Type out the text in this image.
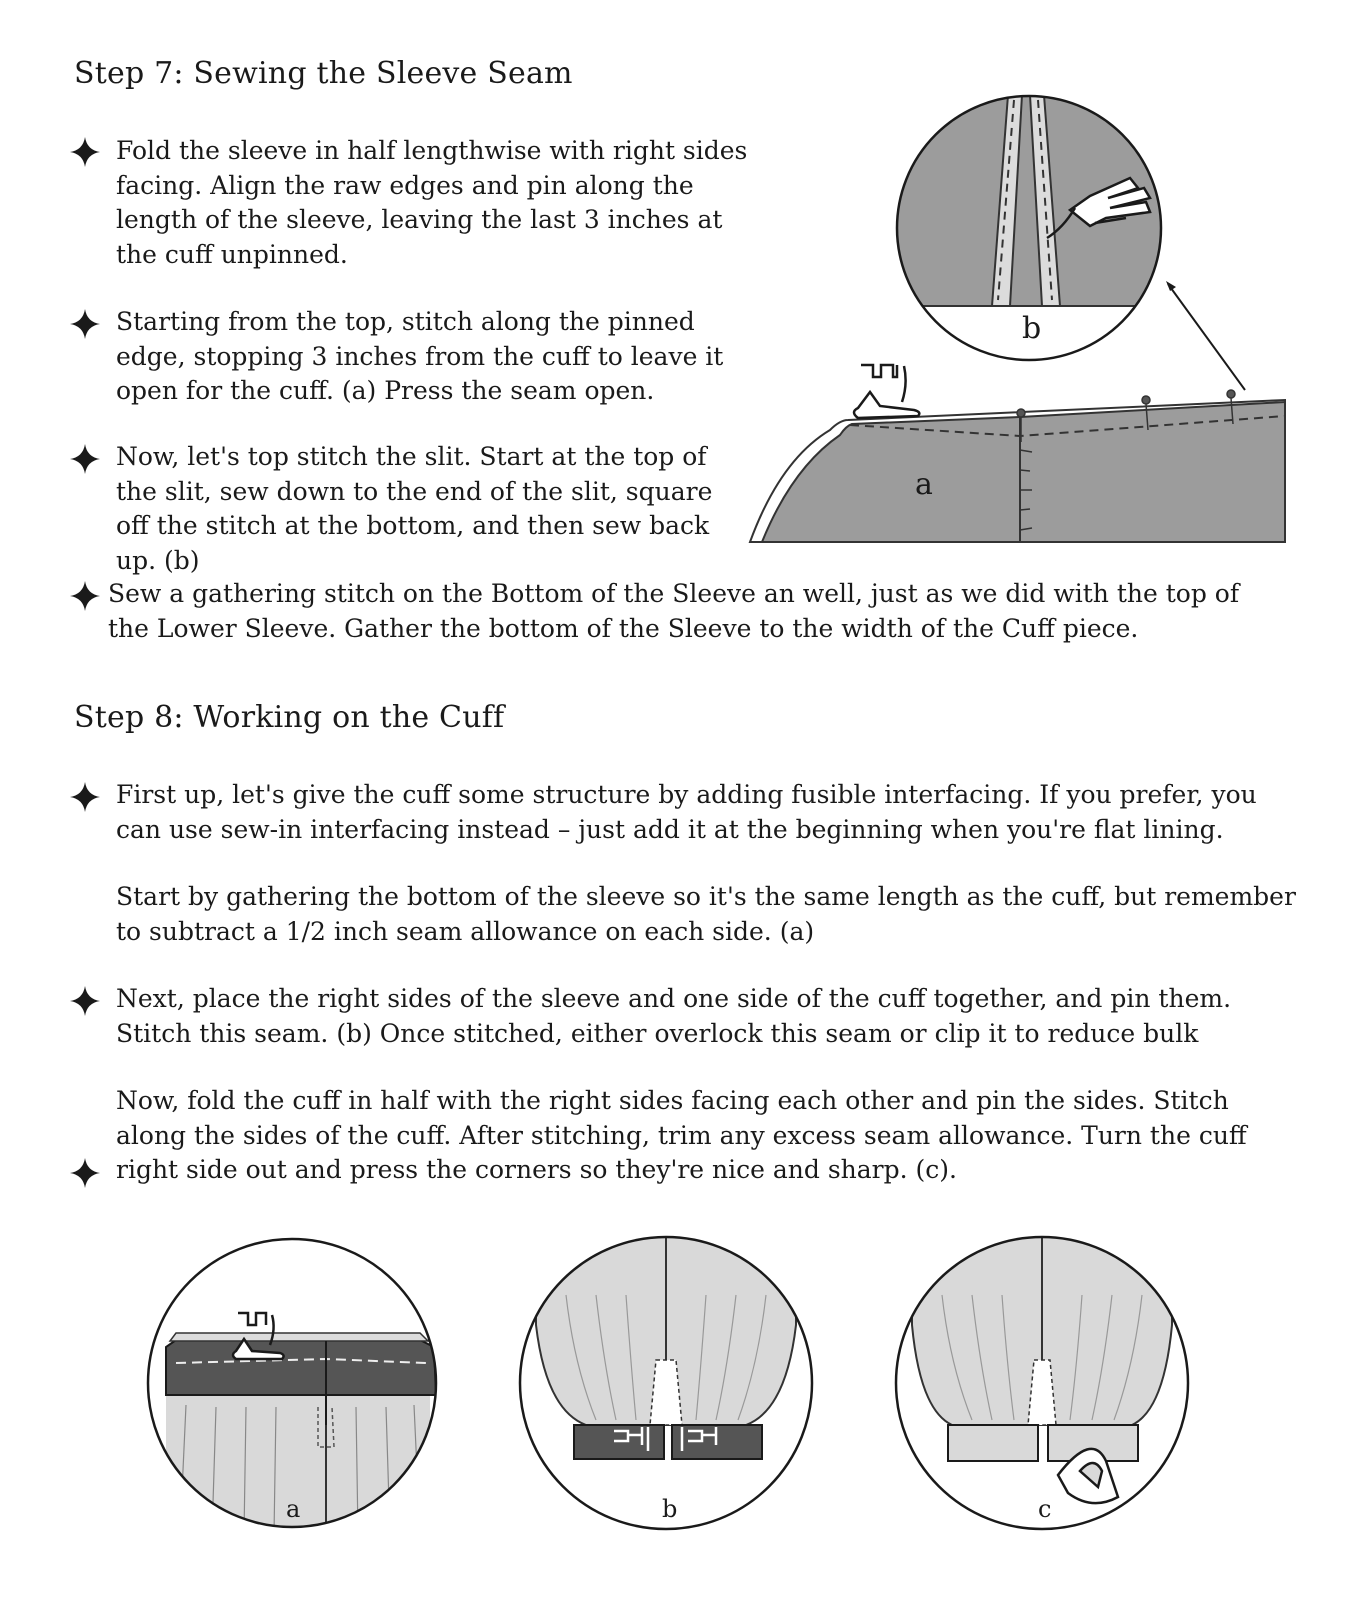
Step 7: Sewing the Sleeve Seam

Fold the sleeve in half lengthwise with right sides facing. Align the raw edges and pin along the length of the sleeve, leaving the last 3 inches at the cuff unpinned.

Starting from the top, stitch along the pinned edge, stopping 3 inches from the cuff to leave it open for the cuff. (a) Press the seam open.

Now, let's top stitch the slit. Start at the top of the slit, sew down to the end of the slit, square off the stitch at the bottom, and then sew back up. (b)

Sew a gathering stitch on the Bottom of the Sleeve an well, just as we did with the top of the Lower Sleeve. Gather the bottom of the Sleeve to the width of the Cuff piece.

b
a
Step 8: Working on the Cuff

First up, let's give the cuff some structure by adding fusible interfacing. If you prefer, you can use sew-in interfacing instead – just add it at the beginning when you're flat lining.

Start by gathering the bottom of the sleeve so it's the same length as the cuff, but remember to subtract a 1/2 inch seam allowance on each side. (a)

Next, place the right sides of the sleeve and one side of the cuff together, and pin them. Stitch this seam. (b) Once stitched, either overlock this seam or clip it to reduce bulk

Now, fold the cuff in half with the right sides facing each other and pin the sides. Stitch along the sides of the cuff. After stitching, trim any excess seam allowance. Turn the cuff right side out and press the corners so they're nice and sharp. (c).

a	b	c
